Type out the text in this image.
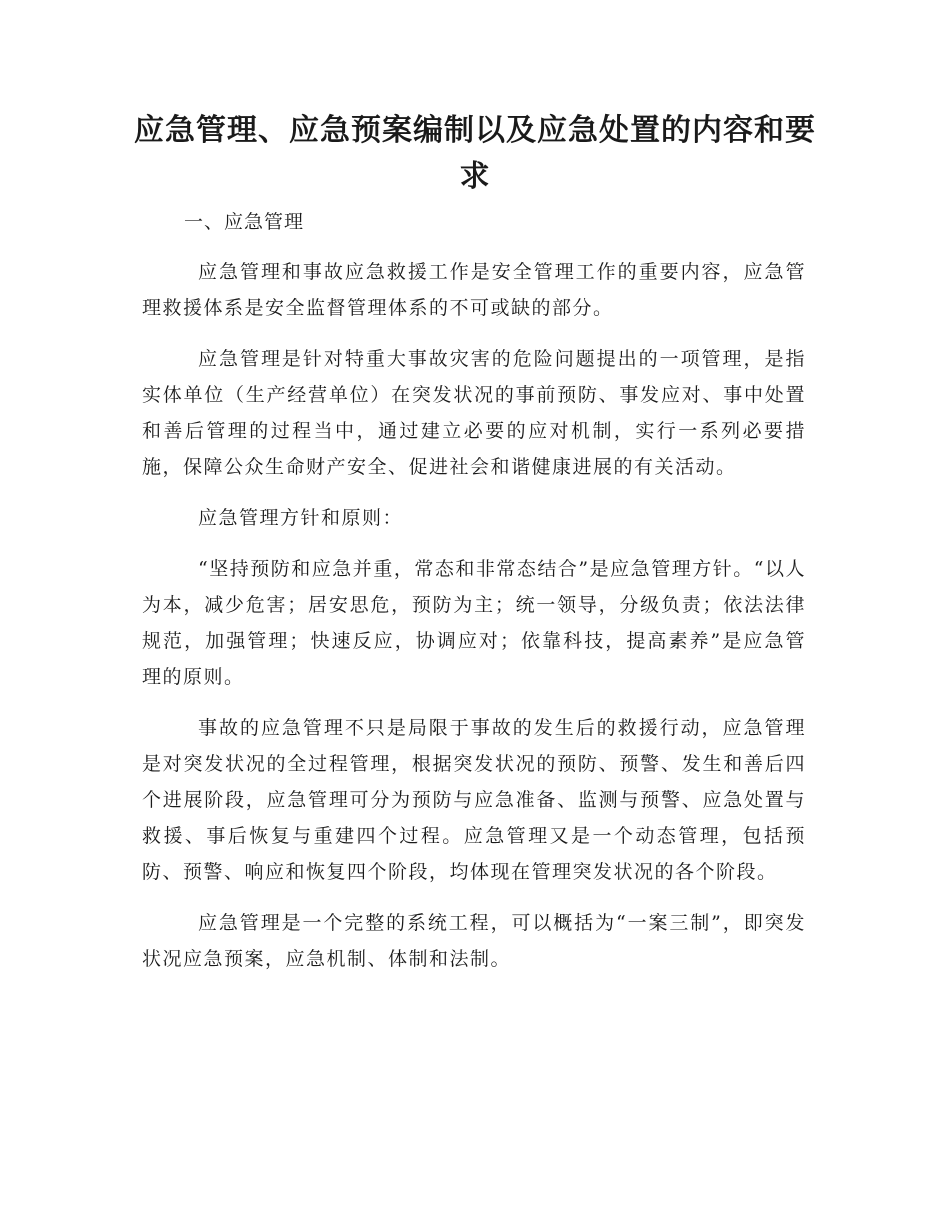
应急管理、应急预案编制以及应急处置的内容和要求

一、应急管理

应急管理和事故应急救援工作是安全管理工作的重要内容，应急管理救援体系是安全监督管理体系的不可或缺的部分。

应急管理是针对特重大事故灾害的危险问题提出的一项管理，是指实体单位（生产经营单位）在突发状况的事前预防、事发应对、事中处置和善后管理的过程当中，通过建立必要的应对机制，实行一系列必要措施，保障公众生命财产安全、促进社会和谐健康进展的有关活动。

应急管理方针和原则：

“坚持预防和应急并重，常态和非常态结合”是应急管理方针。“以人为本，减少危害；居安思危，预防为主；统一领导，分级负责；依法法律规范，加强管理；快速反应，协调应对；依靠科技，提高素养”是应急管理的原则。

事故的应急管理不只是局限于事故的发生后的救援行动，应急管理是对突发状况的全过程管理，根据突发状况的预防、预警、发生和善后四个进展阶段，应急管理可分为预防与应急准备、监测与预警、应急处置与救援、事后恢复与重建四个过程。应急管理又是一个动态管理，包括预防、预警、响应和恢复四个阶段，均体现在管理突发状况的各个阶段。

应急管理是一个完整的系统工程，可以概括为“一案三制”，即突发状况应急预案，应急机制、体制和法制。
